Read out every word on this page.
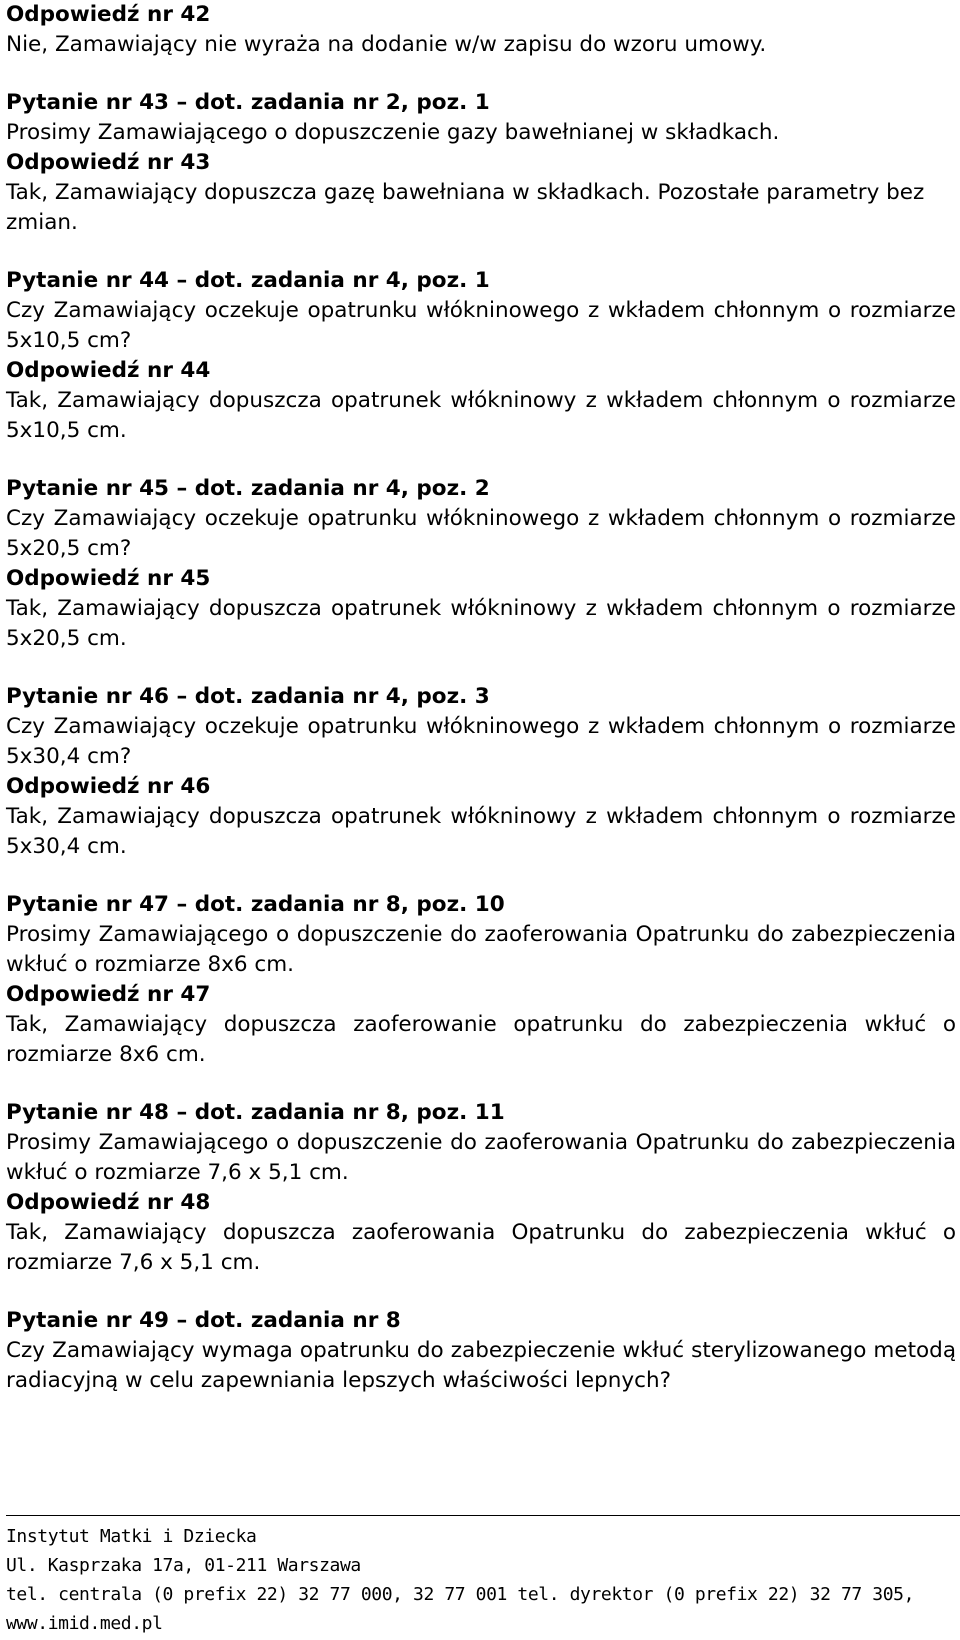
Odpowiedź nr 42

Nie, Zamawiający nie wyraża na dodanie w/w zapisu do wzoru umowy.

Pytanie nr 43 – dot. zadania nr 2, poz. 1

Prosimy Zamawiającego o dopuszczenie gazy bawełnianej w składkach.

Odpowiedź nr 43

Tak, Zamawiający dopuszcza gazę bawełniana w składkach. Pozostałe parametry bez zmian.

Pytanie nr 44 – dot. zadania nr 4, poz. 1

Czy Zamawiający oczekuje opatrunku włókninowego z wkładem chłonnym o rozmiarze 5x10,5 cm?

Odpowiedź nr 44

Tak, Zamawiający dopuszcza opatrunek włókninowy z wkładem chłonnym o rozmiarze 5x10,5 cm.

Pytanie nr 45 – dot. zadania nr 4, poz. 2

Czy Zamawiający oczekuje opatrunku włókninowego z wkładem chłonnym o rozmiarze 5x20,5 cm?

Odpowiedź nr 45

Tak, Zamawiający dopuszcza opatrunek włókninowy z wkładem chłonnym o rozmiarze 5x20,5 cm.

Pytanie nr 46 – dot. zadania nr 4, poz. 3

Czy Zamawiający oczekuje opatrunku włókninowego z wkładem chłonnym o rozmiarze 5x30,4 cm?

Odpowiedź nr 46

Tak, Zamawiający dopuszcza opatrunek włókninowy z wkładem chłonnym o rozmiarze 5x30,4 cm.

Pytanie nr 47 – dot. zadania nr 8, poz. 10

Prosimy Zamawiającego o dopuszczenie do zaoferowania Opatrunku do zabezpieczenia wkłuć o rozmiarze 8x6 cm.

Odpowiedź nr 47

Tak, Zamawiający dopuszcza zaoferowanie opatrunku do zabezpieczenia wkłuć o rozmiarze 8x6 cm.

Pytanie nr 48 – dot. zadania nr 8, poz. 11

Prosimy Zamawiającego o dopuszczenie do zaoferowania Opatrunku do zabezpieczenia wkłuć o rozmiarze 7,6 x 5,1 cm.

Odpowiedź nr 48

Tak, Zamawiający dopuszcza zaoferowania Opatrunku do zabezpieczenia wkłuć o rozmiarze 7,6 x 5,1 cm.

Pytanie nr 49 – dot. zadania nr 8

Czy Zamawiający wymaga opatrunku do zabezpieczenie wkłuć sterylizowanego metodą radiacyjną w celu zapewniania lepszych właściwości lepnych?

Instytut Matki i Dziecka
Ul. Kasprzaka 17a, 01-211 Warszawa
tel. centrala (0 prefix 22) 32 77 000, 32 77 001 tel. dyrektor (0 prefix 22) 32 77 305,
www.imid.med.pl
